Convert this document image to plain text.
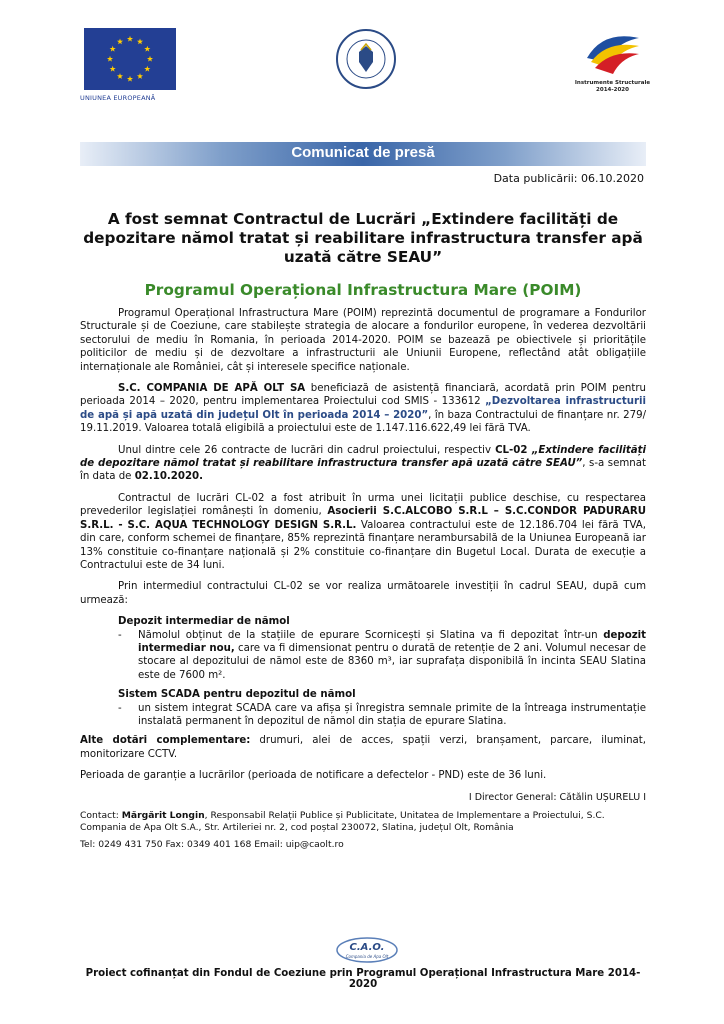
UNIUNEA EUROPEANĂ
Instrumente Structurale
2014-2020
Comunicat de presă
Data publicării: 06.10.2020
A fost semnat Contractul de Lucrări „Extindere facilități de depozitare nămol tratat și reabilitare infrastructura transfer apă uzată către SEAU”
Programul Operațional Infrastructura Mare (POIM)

Programul Operațional Infrastructura Mare (POIM) reprezintă documentul de programare a Fondurilor Structurale și de Coeziune, care stabilește strategia de alocare a fondurilor europene, în vederea dezvoltării sectorului de mediu în Romania, în perioada 2014-2020. POIM se bazează pe obiectivele și prioritățile politicilor de mediu și de dezvoltare a infrastructurii ale Uniunii Europene, reflectând atât obligațiile internaționale ale României, cât și interesele specifice naționale.

S.C. COMPANIA DE APĂ OLT SA beneficiază de asistență financiară, acordată prin POIM pentru perioada 2014 – 2020, pentru implementarea Proiectului cod SMIS - 133612 „Dezvoltarea infrastructurii de apă și apă uzată din județul Olt în perioada 2014 – 2020”, în baza Contractului de finanțare nr. 279/ 19.11.2019. Valoarea totală eligibilă a proiectului este de 1.147.116.622,49 lei fără TVA.

Unul dintre cele 26 contracte de lucrări din cadrul proiectului, respectiv CL-02 „Extindere facilități de depozitare nămol tratat și reabilitare infrastructura transfer apă uzată către SEAU”, s-a semnat în data de 02.10.2020.

Contractul de lucrări CL-02 a fost atribuit în urma unei licitații publice deschise, cu respectarea prevederilor legislației românești în domeniu, Asocierii S.C.ALCOBO S.R.L – S.C.CONDOR PADURARU S.R.L. - S.C. AQUA TECHNOLOGY DESIGN S.R.L. Valoarea contractului este de 12.186.704 lei fără TVA, din care, conform schemei de finanțare, 85% reprezintă finanțare nerambursabilă de la Uniunea Europeană iar 13% constituie co-finanțare națională și 2% constituie co-finanțare din Bugetul Local. Durata de execuție a Contractului este de 34 luni.

Prin intermediul contractului CL-02 se vor realiza următoarele investiții în cadrul SEAU, după cum urmează:

Depozit intermediar de nămol
-	Nămolul obținut de la stațiile de epurare Scornicești și Slatina va fi depozitat într-un depozit intermediar nou, care va fi dimensionat pentru o durată de retenție de 2 ani. Volumul necesar de stocare al depozitului de nămol este de 8360 m³, iar suprafața disponibilă în incinta SEAU Slatina este de 7600 m².
Sistem SCADA pentru depozitul de nămol
-	un sistem integrat SCADA care va afișa și înregistra semnale primite de la întreaga instrumentație instalată permanent în depozitul de nămol din stația de epurare Slatina.

Alte dotări complementare: drumuri, alei de acces, spații verzi, branșament, parcare, iluminat, monitorizare CCTV.

Perioada de garanție a lucrărilor (perioada de notificare a defectelor - PND) este de 36 luni.

I Director General: Cătălin UȘURELU I
Contact: Mărgărit Longin, Responsabil Relații Publice și Publicitate, Unitatea de Implementare a Proiectului, S.C. Compania de Apa Olt S.A., Str. Artileriei nr. 2, cod poștal 230072, Slatina, județul Olt, România
Tel: 0249 431 750 Fax: 0349 401 168 Email: uip@caolt.ro
C.A.O.
Compania de Apa Olt
Proiect cofinanțat din Fondul de Coeziune prin Programul Operațional Infrastructura Mare 2014-2020
